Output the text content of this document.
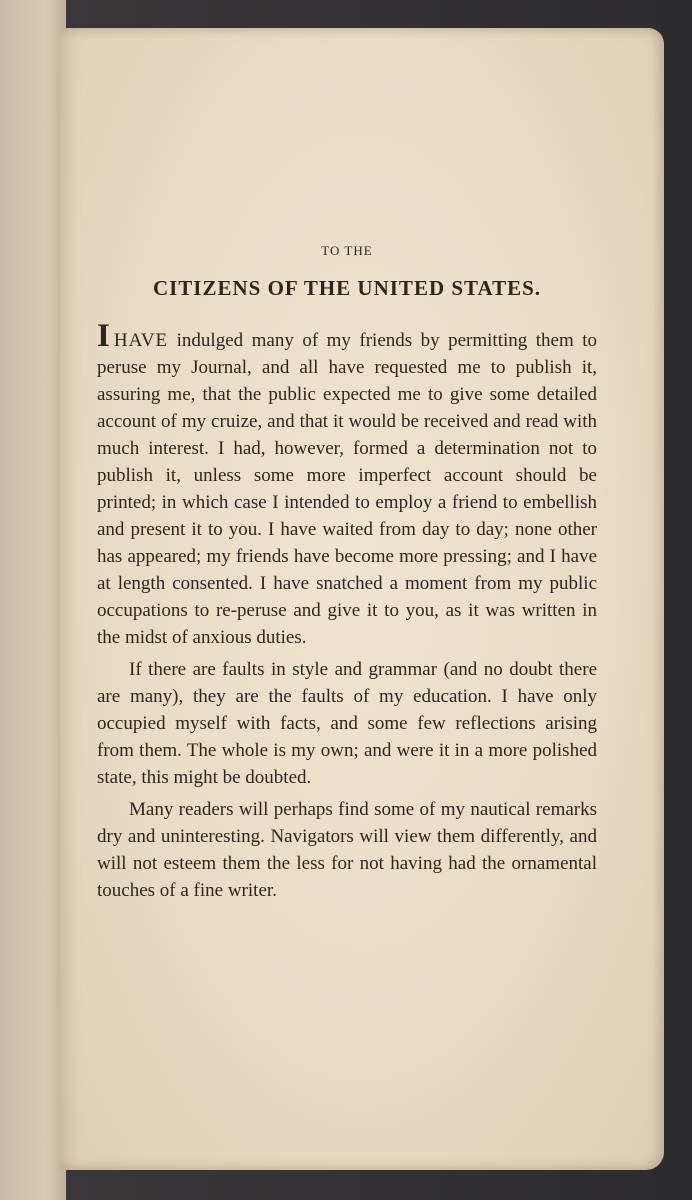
TO THE
CITIZENS OF THE UNITED STATES.

IHAVE indulged many of my friends by permitting them to peruse my Journal, and all have requested me to publish it, assuring me, that the public expected me to give some detailed account of my cruize, and that it would be received and read with much interest. I had, however, formed a determination not to publish it, unless some more imperfect account should be printed; in which case I intended to employ a friend to embellish and present it to you. I have waited from day to day; none other has appeared; my friends have become more pressing; and I have at length consented. I have snatched a moment from my public occupations to re-peruse and give it to you, as it was written in the midst of anxious duties.

If there are faults in style and grammar (and no doubt there are many), they are the faults of my education. I have only occupied myself with facts, and some few reflections arising from them. The whole is my own; and were it in a more polished state, this might be doubted.

Many readers will perhaps find some of my nautical remarks dry and uninteresting. Navigators will view them differently, and will not esteem them the less for not having had the ornamental touches of a fine writer.
